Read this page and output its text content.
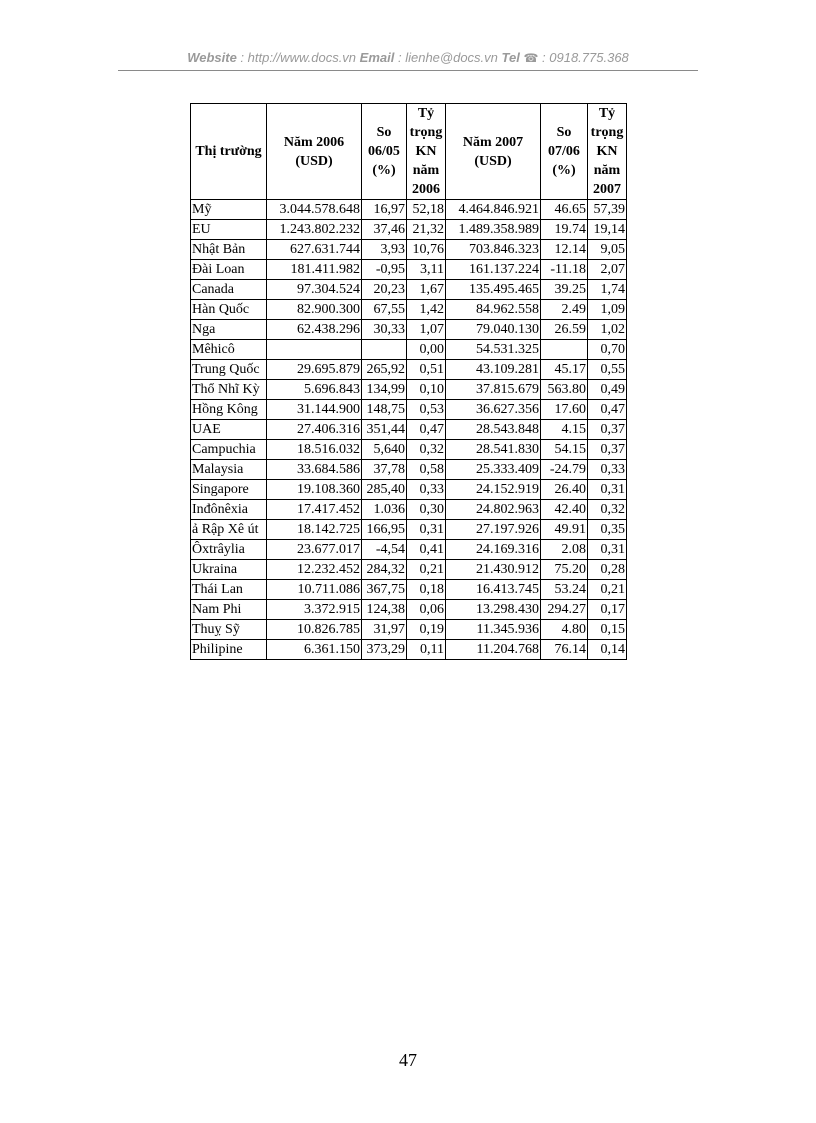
Website : http://www.docs.vn Email : lienhe@docs.vn Tel ☎ : 0918.775.368
Thị trường	Năm 2006 (USD)	So 06/05 (%)	Tỷ trọng KN năm 2006	Năm 2007 (USD)	So 07/06 (%)	Tỷ trọng KN năm 2007
Mỹ	3.044.578.648	16,97	52,18	4.464.846.921	46.65	57,39
EU	1.243.802.232	37,46	21,32	1.489.358.989	19.74	19,14
Nhật Bản	627.631.744	3,93	10,76	703.846.323	12.14	9,05
Đài Loan	181.411.982	-0,95	3,11	161.137.224	-11.18	2,07
Canada	97.304.524	20,23	1,67	135.495.465	39.25	1,74
Hàn Quốc	82.900.300	67,55	1,42	84.962.558	2.49	1,09
Nga	62.438.296	30,33	1,07	79.040.130	26.59	1,02
Mêhicô			0,00	54.531.325		0,70
Trung Quốc	29.695.879	265,92	0,51	43.109.281	45.17	0,55
Thổ Nhĩ Kỳ	5.696.843	134,99	0,10	37.815.679	563.80	0,49
Hồng Kông	31.144.900	148,75	0,53	36.627.356	17.60	0,47
UAE	27.406.316	351,44	0,47	28.543.848	4.15	0,37
Campuchia	18.516.032	5,640	0,32	28.541.830	54.15	0,37
Malaysia	33.684.586	37,78	0,58	25.333.409	-24.79	0,33
Singapore	19.108.360	285,40	0,33	24.152.919	26.40	0,31
Inđônêxia	17.417.452	1.036	0,30	24.802.963	42.40	0,32
ả Rập Xê út	18.142.725	166,95	0,31	27.197.926	49.91	0,35
Ôxtrâylia	23.677.017	-4,54	0,41	24.169.316	2.08	0,31
Ukraina	12.232.452	284,32	0,21	21.430.912	75.20	0,28
Thái Lan	10.711.086	367,75	0,18	16.413.745	53.24	0,21
Nam Phi	3.372.915	124,38	0,06	13.298.430	294.27	0,17
Thuỵ Sỹ	10.826.785	31,97	0,19	11.345.936	4.80	0,15
Philipine	6.361.150	373,29	0,11	11.204.768	76.14	0,14
47
